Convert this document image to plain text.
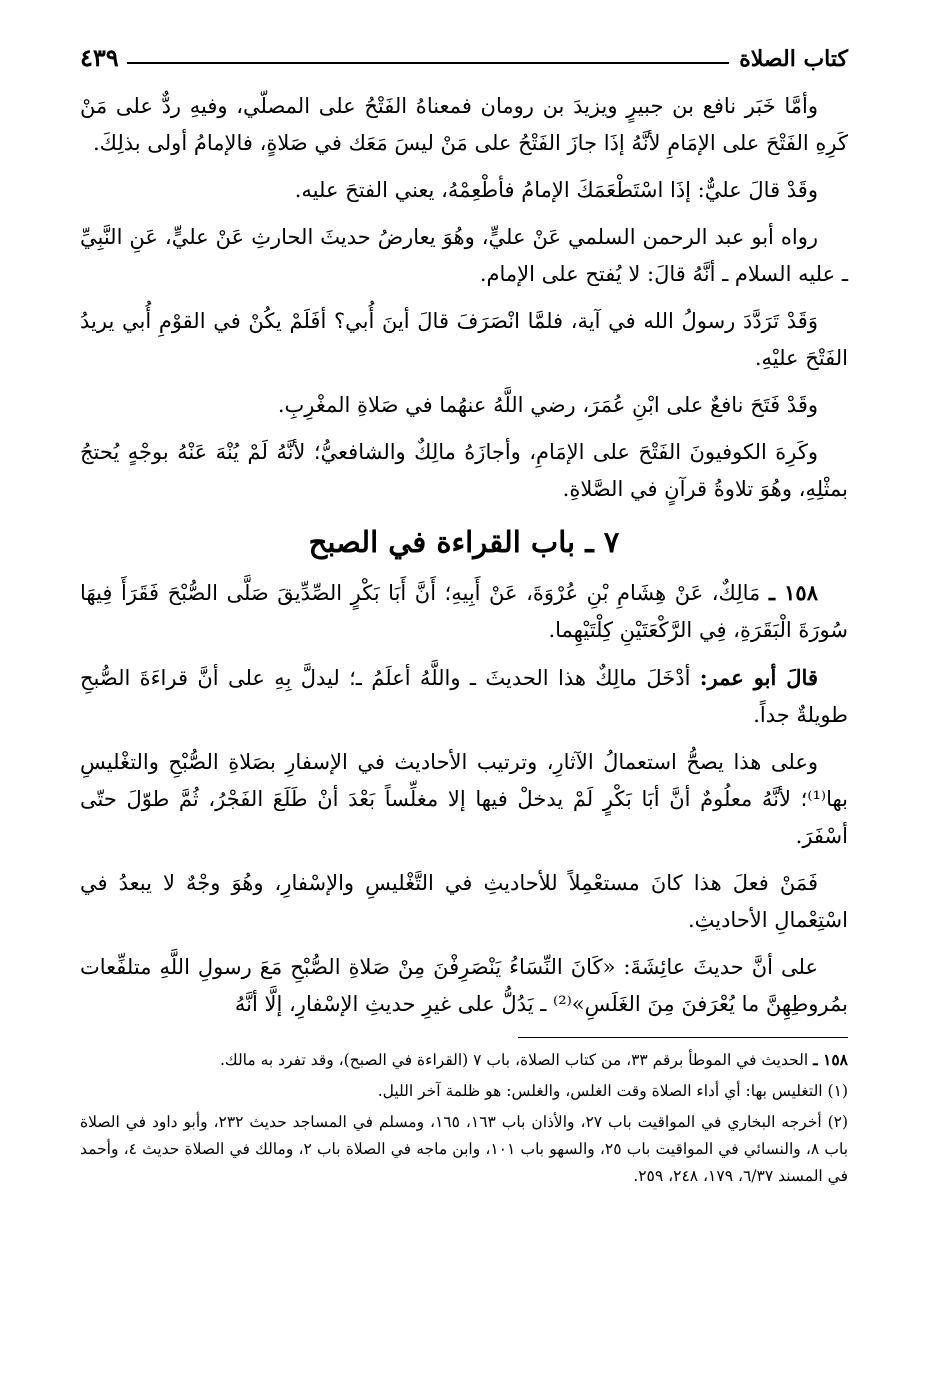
كتاب الصلاة
٤٣٩

وأمَّا خَبَر نافع بن جبيرٍ ويزيدَ بن رومان فمعناهُ الفَتْحُ على المصلّي، وفيهِ ردٌّ على مَنْ كَرِهِ الفَتْحَ على الإمَامِ لأنَّهُ إذَا جازَ الفَتْحُ على مَنْ ليسَ مَعَك في صَلاةٍ، فالإمامُ أولى بذلِكَ.

وقَدْ قالَ عليٌّ: إذَا اسْتَطْعَمَكَ الإمامُ فأطْعِمْهُ، يعني الفتحَ عليه.

رواه أبو عبد الرحمن السلمي عَنْ عليٍّ، وهُوَ يعارضُ حديثَ الحارثِ عَنْ عليٍّ، عَنِ النَّبِيِّ ـ عليه السلام ـ أنَّهُ قالَ: لا يُفتح على الإمام.

وَقَدْ تَرَدَّدَ رسولُ الله في آية، فلمَّا انْصَرَفَ قالَ أينَ أُبي؟ أفَلَمْ يكُنْ في القوْمِ أُبي يريدُ الفَتْحَ عليْهِ.

وقَدْ فَتَحَ نافعٌ على ابْنِ عُمَرَ، رضي اللَّهُ عنهُما في صَلاةِ المغْرِبِ.

وكَرِهَ الكوفيونَ الفَتْحَ على الإمَامِ، وأجازَهُ مالِكٌ والشافعيُّ؛ لأنَّهُ لَمْ يُنْهَ عَنْهُ بوجْهٍ يُحتجُ بمثْلِهِ، وهُوَ تلاوةُ قرآنٍ في الصَّلاةِ.

٧ ـ باب القراءة في الصبح

١٥٨ ـ مَالِكٌ، عَنْ هِشَامِ بْنِ عُرْوَةَ، عَنْ أَبِيهِ؛ أَنَّ أَبَا بَكْرٍ الصِّدِّيقَ صَلَّى الصُّبْحَ فَقَرَأَ فِيهَا سُورَةَ الْبَقَرَةِ، فِي الرَّكْعَتَيْنِ كِلْتَيْهِما.

قالَ أبو عمر: أدْخَلَ مالِكٌ هذا الحديثَ ـ واللَّهُ أعلَمُ ـ؛ ليدلَّ بِهِ على أنَّ قراءَةَ الصُّبحِ طويلةٌ جداً.

وعلى هذا يصحُّ استعمالُ الآثارِ، وترتيب الأحاديث في الإسفارِ بصَلاةِ الصُّبْحِ والتغْليسِ بها⁽¹⁾؛ لأنَّهُ معلُومٌ أنَّ أبَا بَكْرٍ لَمْ يدخلْ فيها إلا مغلِّساً بَعْدَ أنْ طَلَعَ الفَجْرُ، ثُمَّ طوّلَ حتّى أسْفَرَ.

فَمَنْ فعلَ هذا كانَ مستعْمِلاً للأحاديثِ في التَّغْليسِ والإسْفارِ، وهُوَ وجْهٌ لا يبعدُ في اسْتِعْمالِ الأحاديثِ.

على أنَّ حديثَ عائِشَةَ: «كَانَ النِّسَاءُ يَنْصَرِفْنَ مِنْ صَلاةِ الصُّبْحِ مَعَ رسولِ اللَّهِ متلفِّعات بمُروطِهِنَّ ما يُعْرَفنَ مِنَ الغَلَسِ»⁽²⁾ ـ يَدُلُّ على غيرِ حديثِ الإسْفارِ، إلَّا أنَّهُ

١٥٨ ـ الحديث في الموطأ برقم ٣٣، من كتاب الصلاة، باب ٧ (القراءة في الصبح)، وقد تفرد به مالك.

(١) التغليس بها: أي أداء الصلاة وقت الغلس، والغلس: هو ظلمة آخر الليل.

(٢) أخرجه البخاري في المواقيت باب ٢٧، والأذان باب ١٦٣، ١٦٥، ومسلم في المساجد حديث ٢٣٢، وأبو داود في الصلاة باب ٨، والنسائي في المواقيت باب ٢٥، والسهو باب ١٠١، وابن ماجه في الصلاة باب ٢، ومالك في الصلاة حديث ٤، وأحمد في المسند ٦/٣٧، ١٧٩، ٢٤٨، ٢٥٩.
